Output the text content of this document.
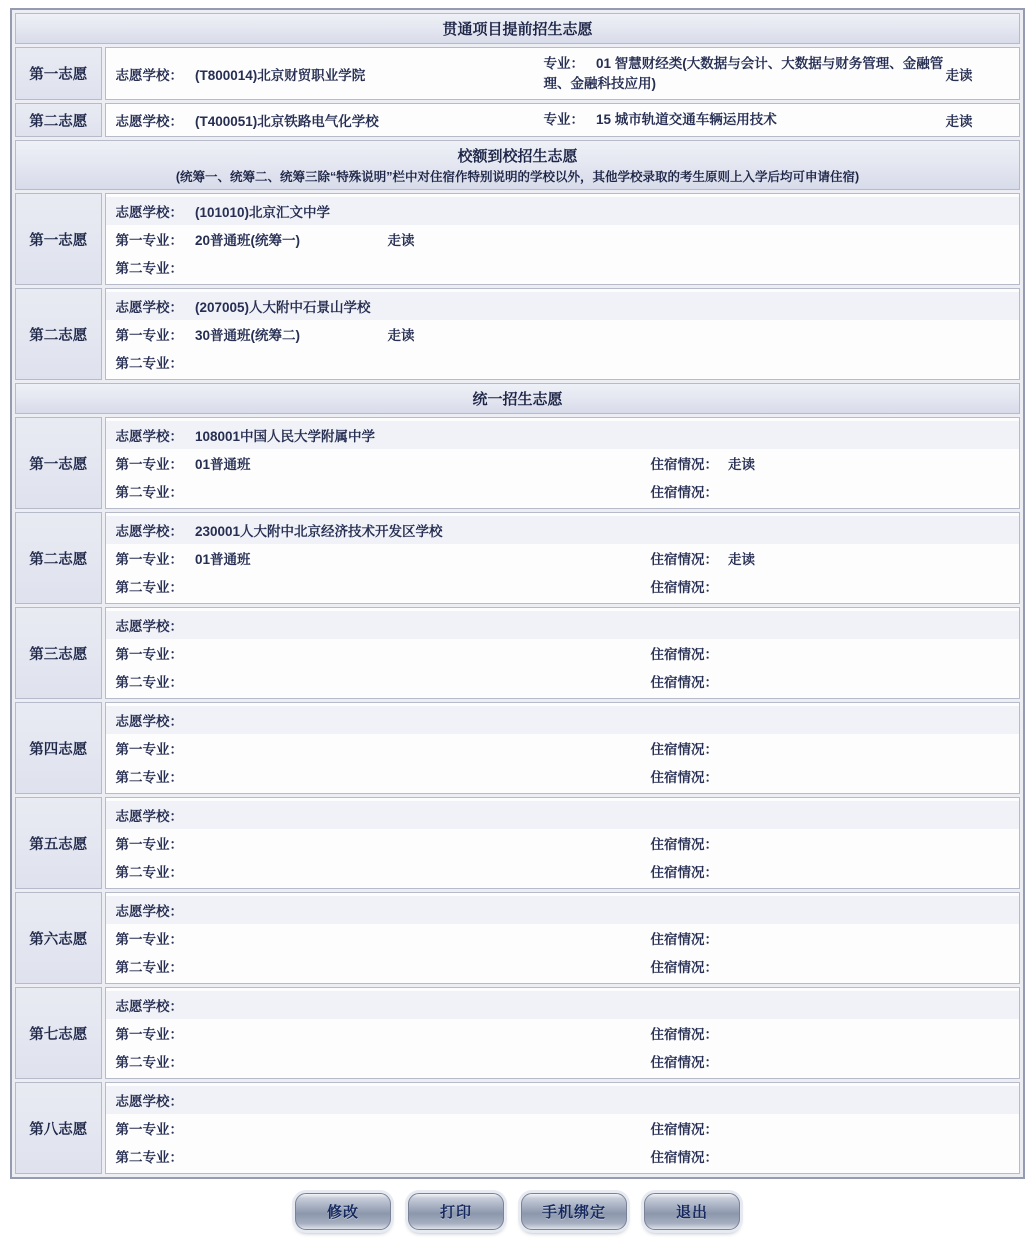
贯通项目提前招生志愿	

第一志愿	志愿学校： (T800014)北京财贸职业学院
专业： 01 智慧财经类(大数据与会计、大数据与财务管理、金融管理、金融科技应用)
走读

第二志愿	志愿学校： (T400051)北京铁路电气化学校 专业： 15 城市轨道交通车辆运用技术 走读

校额到校招生志愿
(统筹一、统筹二、统筹三除“特殊说明”栏中对住宿作特别说明的学校以外，其他学校录取的考生原则上入学后均可申请住宿)	

第一志愿	志愿学校： (101010)北京汇文中学
第一专业： 20普通班(统筹一) 走读
第二专业：

第二志愿	志愿学校： (207005)人大附中石景山学校
第一专业： 30普通班(统筹二) 走读
第二专业：

统一招生志愿	

第一志愿	志愿学校： 108001中国人民大学附属中学
第一专业： 01普通班 住宿情况： 走读
第二专业： 住宿情况：

第二志愿	志愿学校： 230001人大附中北京经济技术开发区学校
第一专业： 01普通班 住宿情况： 走读
第二专业： 住宿情况：

第三志愿	志愿学校：
第一专业： 住宿情况：
第二专业： 住宿情况：

第四志愿	志愿学校：
第一专业： 住宿情况：
第二专业： 住宿情况：

第五志愿	志愿学校：
第一专业： 住宿情况：
第二专业： 住宿情况：

第六志愿	志愿学校：
第一专业： 住宿情况：
第二专业： 住宿情况：

第七志愿	志愿学校：
第一专业： 住宿情况：
第二专业： 住宿情况：

第八志愿	志愿学校：
第一专业： 住宿情况：
第二专业： 住宿情况：
修改	打印	手机绑定	退出
